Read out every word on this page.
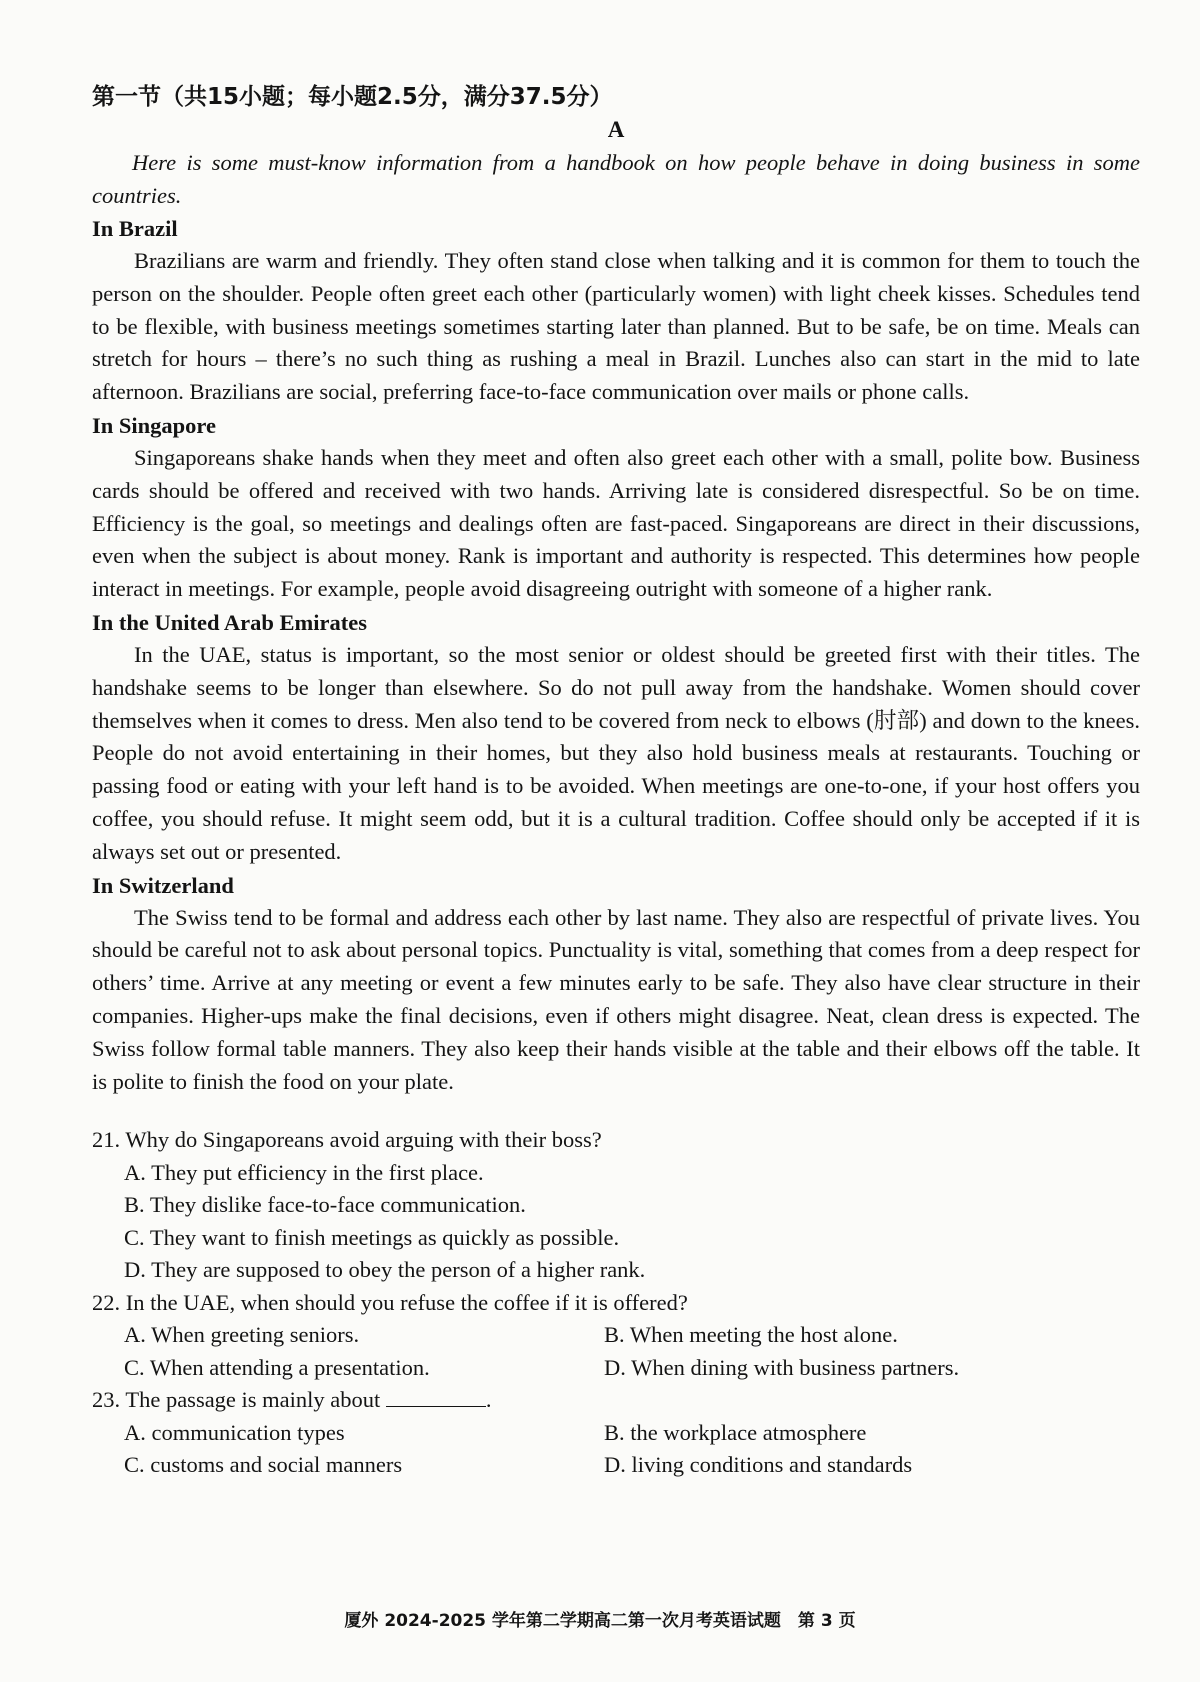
第一节（共15小题；每小题2.5分，满分37.5分）

A

Here is some must-know information from a handbook on how people behave in doing business in some countries.

In Brazil

Brazilians are warm and friendly. They often stand close when talking and it is common for them to touch the person on the shoulder. People often greet each other (particularly women) with light cheek kisses. Schedules tend to be flexible, with business meetings sometimes starting later than planned. But to be safe, be on time. Meals can stretch for hours – there’s no such thing as rushing a meal in Brazil. Lunches also can start in the mid to late afternoon. Brazilians are social, preferring face-to-face communication over mails or phone calls.

In Singapore

Singaporeans shake hands when they meet and often also greet each other with a small, polite bow. Business cards should be offered and received with two hands. Arriving late is considered disrespectful. So be on time. Efficiency is the goal, so meetings and dealings often are fast-paced. Singaporeans are direct in their discussions, even when the subject is about money. Rank is important and authority is respected. This determines how people interact in meetings. For example, people avoid disagreeing outright with someone of a higher rank.

In the United Arab Emirates

In the UAE, status is important, so the most senior or oldest should be greeted first with their titles. The handshake seems to be longer than elsewhere. So do not pull away from the handshake. Women should cover themselves when it comes to dress. Men also tend to be covered from neck to elbows (肘部) and down to the knees. People do not avoid entertaining in their homes, but they also hold business meals at restaurants. Touching or passing food or eating with your left hand is to be avoided. When meetings are one-to-one, if your host offers you coffee, you should refuse. It might seem odd, but it is a cultural tradition. Coffee should only be accepted if it is always set out or presented.

In Switzerland

The Swiss tend to be formal and address each other by last name. They also are respectful of private lives. You should be careful not to ask about personal topics. Punctuality is vital, something that comes from a deep respect for others’ time. Arrive at any meeting or event a few minutes early to be safe. They also have clear structure in their companies. Higher-ups make the final decisions, even if others might disagree. Neat, clean dress is expected. The Swiss follow formal table manners. They also keep their hands visible at the table and their elbows off the table. It is polite to finish the food on your plate.

21. Why do Singaporeans avoid arguing with their boss?

A. They put efficiency in the first place.

B. They dislike face-to-face communication.

C. They want to finish meetings as quickly as possible.

D. They are supposed to obey the person of a higher rank.

22. In the UAE, when should you refuse the coffee if it is offered?

A. When greeting seniors.	B. When meeting the host alone.
C. When attending a presentation.	D. When dining with business partners.

23. The passage is mainly about	.

A. communication types	B. the workplace atmosphere
C. customs and social manners	D. living conditions and standards
厦外 2024-2025 学年第二学期高二第一次月考英语试题　第 3 页
